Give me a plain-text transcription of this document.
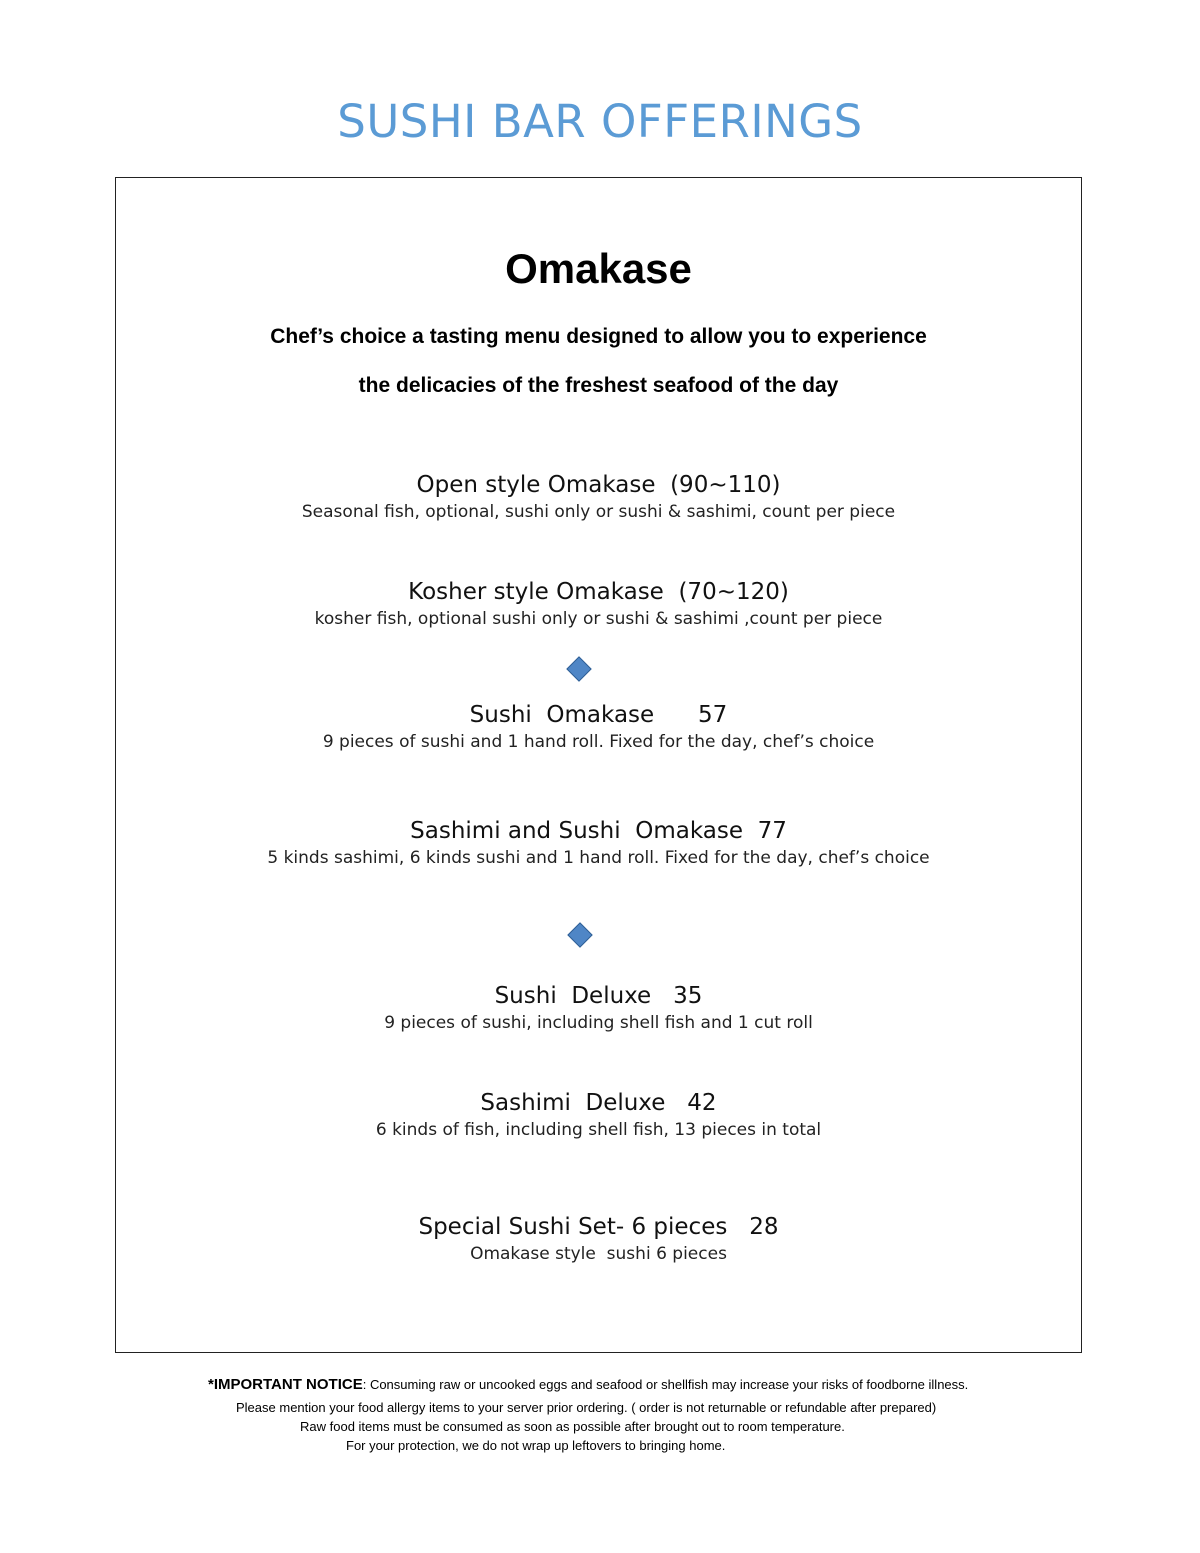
SUSHI BAR OFFERINGS
Omakase
Chef’s choice a tasting menu designed to allow you to experience
the delicacies of the freshest seafood of the day
Open style Omakase  (90~110)
Seasonal fish, optional, sushi only or sushi & sashimi, count per piece
Kosher style Omakase  (70~120)
kosher fish, optional sushi only or sushi & sashimi ,count per piece
Sushi  Omakase      57
9 pieces of sushi and 1 hand roll. Fixed for the day, chef’s choice
Sashimi and Sushi  Omakase  77
5 kinds sashimi, 6 kinds sushi and 1 hand roll. Fixed for the day, chef’s choice
Sushi  Deluxe   35
9 pieces of sushi, including shell fish and 1 cut roll
Sashimi  Deluxe   42
6 kinds of fish, including shell fish, 13 pieces in total
Special Sushi Set- 6 pieces   28
Omakase style  sushi 6 pieces
*IMPORTANT NOTICE: Consuming raw or uncooked eggs and seafood or shellfish may increase your risks of foodborne illness.
Please mention your food allergy items to your server prior ordering. ( order is not returnable or refundable after prepared)
Raw food items must be consumed as soon as possible after brought out to room temperature.
For your protection, we do not wrap up leftovers to bringing home.
